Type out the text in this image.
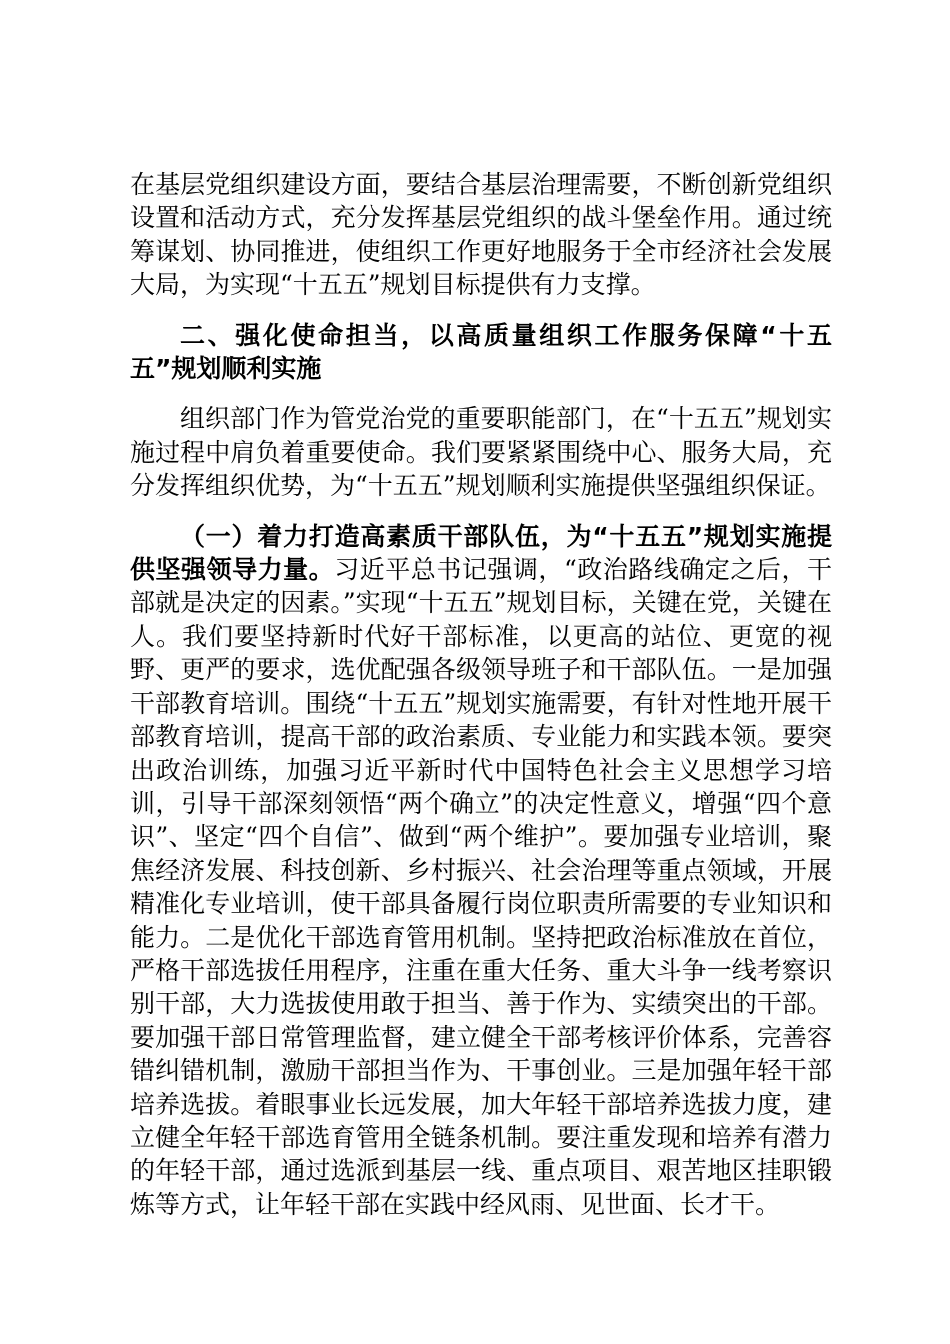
在基层党组织建设方面，要结合基层治理需要，不断创新党组织设置和活动方式，充分发挥基层党组织的战斗堡垒作用。通过统筹谋划、协同推进，使组织工作更好地服务于全市经济社会发展大局，为实现“十五五”规划目标提供有力支撑。

二、强化使命担当，以高质量组织工作服务保障“十五五”规划顺利实施

组织部门作为管党治党的重要职能部门，在“十五五”规划实施过程中肩负着重要使命。我们要紧紧围绕中心、服务大局，充分发挥组织优势，为“十五五”规划顺利实施提供坚强组织保证。

（一）着力打造高素质干部队伍，为“十五五”规划实施提供坚强领导力量。习近平总书记强调，“政治路线确定之后，干部就是决定的因素。”实现“十五五”规划目标，关键在党，关键在人。我们要坚持新时代好干部标准，以更高的站位、更宽的视野、更严的要求，选优配强各级领导班子和干部队伍。一是加强干部教育培训。围绕“十五五”规划实施需要，有针对性地开展干部教育培训，提高干部的政治素质、专业能力和实践本领。要突出政治训练，加强习近平新时代中国特色社会主义思想学习培训，引导干部深刻领悟“两个确立”的决定性意义，增强“四个意识”、坚定“四个自信”、做到“两个维护”。要加强专业培训，聚焦经济发展、科技创新、乡村振兴、社会治理等重点领域，开展精准化专业培训，使干部具备履行岗位职责所需要的专业知识和能力。二是优化干部选育管用机制。坚持把政治标准放在首位，严格干部选拔任用程序，注重在重大任务、重大斗争一线考察识别干部，大力选拔使用敢于担当、善于作为、实绩突出的干部。要加强干部日常管理监督，建立健全干部考核评价体系，完善容错纠错机制，激励干部担当作为、干事创业。三是加强年轻干部培养选拔。着眼事业长远发展，加大年轻干部培养选拔力度，建立健全年轻干部选育管用全链条机制。要注重发现和培养有潜力的年轻干部，通过选派到基层一线、重点项目、艰苦地区挂职锻炼等方式，让年轻干部在实践中经风雨、见世面、长才干。
